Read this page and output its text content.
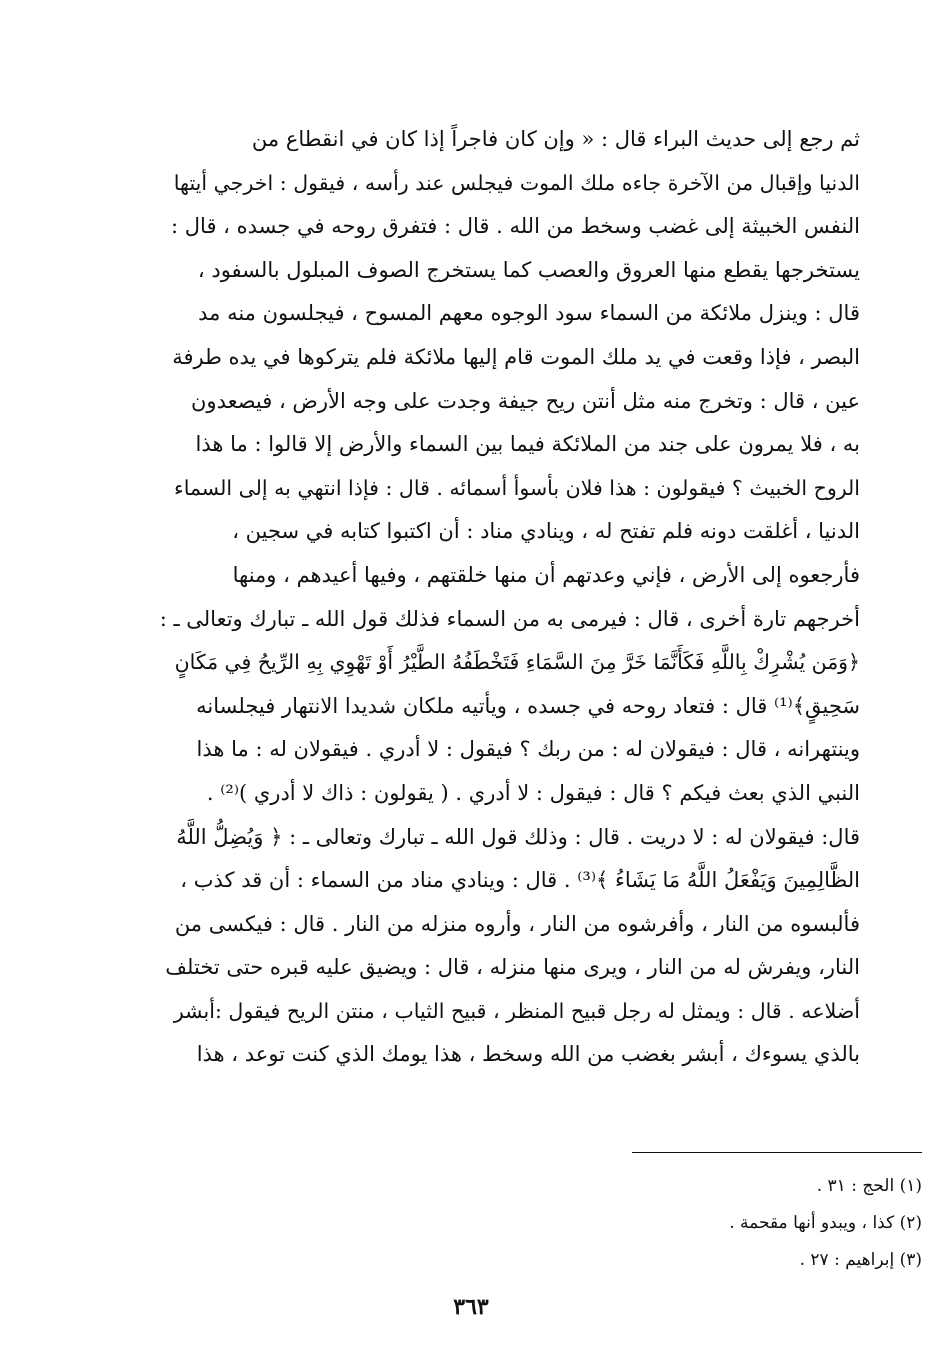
ثم رجع إلى حديث البراء قال : « وإن كان فاجراً إذا كان في انقطاع من
الدنيا وإقبال من الآخرة جاءه ملك الموت فيجلس عند رأسه ، فيقول : اخرجي أيتها
النفس الخبيثة إلى غضب وسخط من الله . قال : فتفرق روحه في جسده ، قال :
يستخرجها يقطع منها العروق والعصب كما يستخرج الصوف المبلول بالسفود ،
قال : وينزل ملائكة من السماء سود الوجوه معهم المسوح ، فيجلسون منه مد
البصر ، فإذا وقعت في يد ملك الموت قام إليها ملائكة فلم يتركوها في يده طرفة
عين ، قال : وتخرج منه مثل أنتن ريح جيفة وجدت على وجه الأرض ، فيصعدون
به ، فلا يمرون على جند من الملائكة فيما بين السماء والأرض إلا قالوا : ما هذا
الروح الخبيث ؟ فيقولون : هذا فلان بأسوأ أسمائه . قال : فإذا انتهي به إلى السماء
الدنيا ، أغلقت دونه فلم تفتح له ، وينادي مناد : أن اكتبوا كتابه في سجين ،
فأرجعوه إلى الأرض ، فإني وعدتهم أن منها خلقتهم ، وفيها أعيدهم ، ومنها
أخرجهم تارة أخرى ، قال : فيرمى به من السماء فذلك قول الله ـ تبارك وتعالى ـ :
﴿وَمَن يُشْرِكْ بِاللَّهِ فَكَأَنَّمَا خَرَّ مِنَ السَّمَاءِ فَتَخْطَفُهُ الطَّيْرُ أَوْ تَهْوِي بِهِ الرِّيحُ فِي مَكَانٍ
سَحِيقٍ﴾⁽¹⁾ قال : فتعاد روحه في جسده ، ويأتيه ملكان شديدا الانتهار فيجلسانه
وينتهرانه ، قال : فيقولان له : من ربك ؟ فيقول : لا أدري . فيقولان له : ما هذا
النبي الذي بعث فيكم ؟ قال : فيقول : لا أدري . ( يقولون : ذاك لا أدري )⁽²⁾ .
قال: فيقولان له : لا دريت . قال : وذلك قول الله ـ تبارك وتعالى ـ : ﴿ وَيُضِلُّ اللَّهُ
الظَّالِمِينَ وَيَفْعَلُ اللَّهُ مَا يَشَاءُ ﴾⁽³⁾ . قال : وينادي مناد من السماء : أن قد كذب ،
فألبسوه من النار ، وأفرشوه من النار ، وأروه منزله من النار . قال : فيكسى من
النار، ويفرش له من النار ، ويرى منها منزله ، قال : ويضيق عليه قبره حتى تختلف
أضلاعه . قال : ويمثل له رجل قبيح المنظر ، قبيح الثياب ، منتن الريح فيقول :أبشر
بالذي يسوءك ، أبشر بغضب من الله وسخط ، هذا يومك الذي كنت توعد ، هذا
(١) الحج : ٣١ .
(٢) كذا ، ويبدو أنها مقحمة .
(٣) إبراهيم : ٢٧ .
٣٦٣
